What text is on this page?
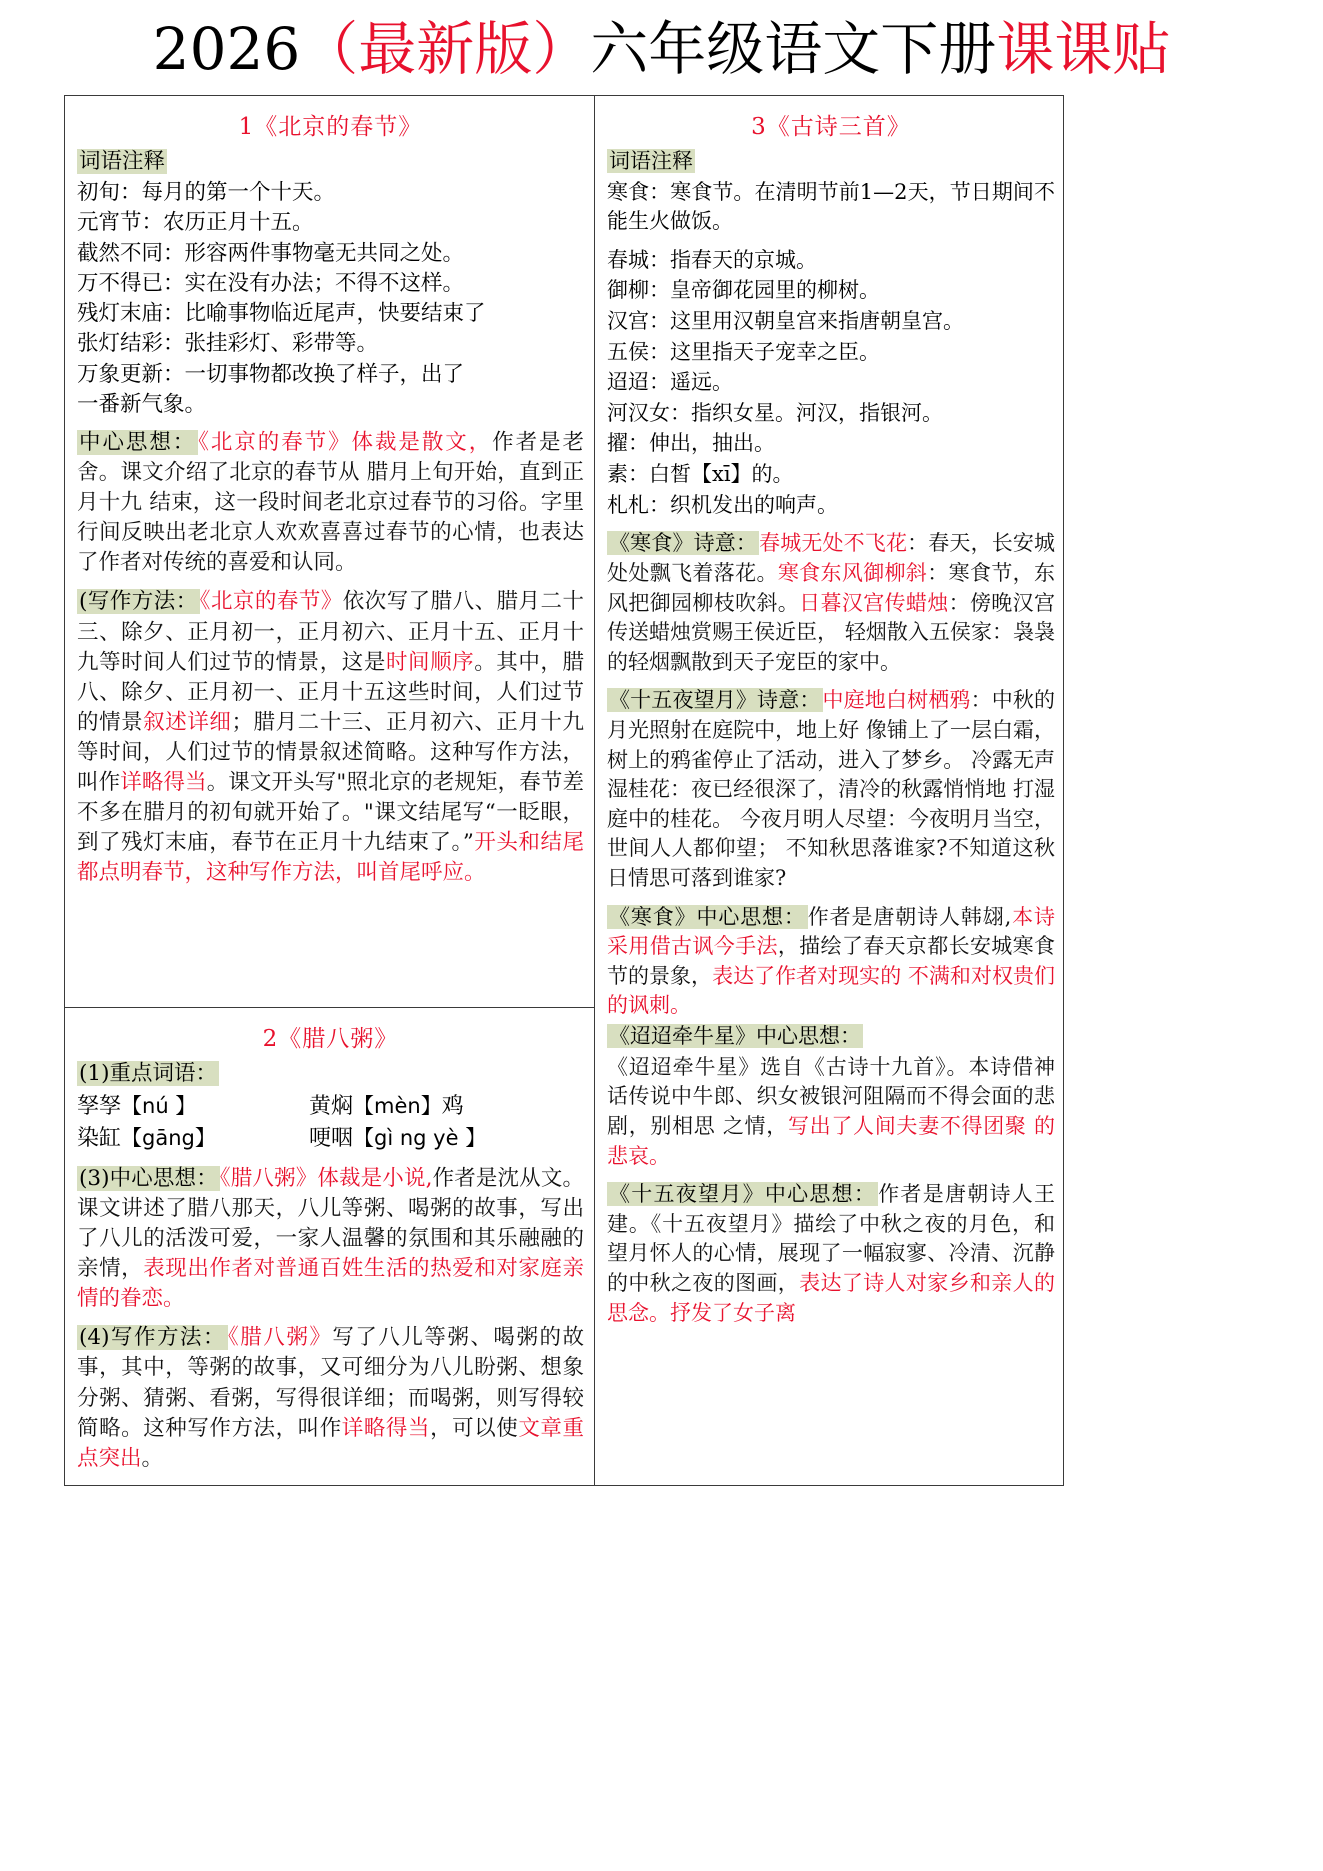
2026（最新版）六年级语文下册课课贴
1《北京的春节》

词语注释

初旬：每月的第一个十天。

元宵节：农历正月十五。

截然不同：形容两件事物毫无共同之处。

万不得已：实在没有办法；不得不这样。

残灯末庙：比喻事物临近尾声，快要结束了

张灯结彩：张挂彩灯、彩带等。

万象更新：一切事物都改换了样子，出了

一番新气象。

中心思想：《北京的春节》体裁是散文，作者是老舍。课文介绍了北京的春节从 腊月上旬开始，直到正月十九 结束，这一段时间老北京过春节的习俗。字里行间反映出老北京人欢欢喜喜过春节的心情，也表达了作者对传统的喜爱和认同。

(写作方法：《北京的春节》依次写了腊八、腊月二十三、除夕、正月初一，正月初六、正月十五、正月十九等时间人们过节的情景，这是时间顺序。其中，腊八、除夕、正月初一、正月十五这些时间，人们过节的情景叙述详细；腊月二十三、正月初六、正月十九等时间，人们过节的情景叙述简略。这种写作方法，叫作详略得当。课文开头写"照北京的老规矩，春节差不多在腊月的初旬就开始了。"课文结尾写“一眨眼，到了残灯末庙，春节在正月十九结束了。”开头和结尾都点明春节，这种写作方法，叫首尾呼应。

2《腊八粥》

(1)重点词语：

孥孥【nú 】	黄焖【mèn】鸡
染缸【gāng】	哽咽【gì ng yè 】

(3)中心思想：《腊八粥》体裁是小说,作者是沈从文。课文讲述了腊八那天，八儿等粥、喝粥的故事，写出了八儿的活泼可爱，一家人温馨的氛围和其乐融融的亲情，表现出作者对普通百姓生活的热爱和对家庭亲情的眷恋。

(4)写作方法：《腊八粥》写了八儿等粥、喝粥的故事，其中，等粥的故事，又可细分为八儿盼粥、想象分粥、猜粥、看粥，写得很详细；而喝粥，则写得较简略。这种写作方法，叫作详略得当，可以使文章重点突出。

3《古诗三首》

词语注释

寒食：寒食节。在清明节前1—2天，节日期间不能生火做饭。

春城：指春天的京城。

御柳：皇帝御花园里的柳树。

汉宫：这里用汉朝皇宫来指唐朝皇宫。

五侯：这里指天子宠幸之臣。

迢迢：遥远。

河汉女：指织女星。河汉，指银河。

擢：伸出，抽出。

素：白皙【xī】的。

札札：织机发出的响声。

《寒食》诗意：春城无处不飞花：春天，长安城处处飘飞着落花。寒食东风御柳斜：寒食节，东风把御园柳枝吹斜。日暮汉宫传蜡烛：傍晚汉宫传送蜡烛赏赐王侯近臣， 轻烟散入五侯家：袅袅的轻烟飘散到天子宠臣的家中。

《十五夜望月》诗意：中庭地白树栖鸦：中秋的月光照射在庭院中，地上好 像铺上了一层白霜，树上的鸦雀停止了活动，进入了梦乡。 冷露无声湿桂花：夜已经很深了，清冷的秋露悄悄地 打湿庭中的桂花。 今夜月明人尽望：今夜明月当空，世间人人都仰望； 不知秋思落谁家?不知道这秋日情思可落到谁家?

《寒食》中心思想：作者是唐朝诗人韩翃,本诗采用借古讽今手法，描绘了春天京都长安城寒食节的景象，表达了作者对现实的 不满和对权贵们的讽刺。

《迢迢牵牛星》中心思想：

《迢迢牵牛星》选自《古诗十九首》。本诗借神话传说中牛郎、织女被银河阻隔而不得会面的悲剧，别相思 之情，写出了人间夫妻不得团聚 的悲哀。

《十五夜望月》中心思想：作者是唐朝诗人王建。《十五夜望月》描绘了中秋之夜的月色，和望月怀人的心情，展现了一幅寂寥、冷清、沉静 的中秋之夜的图画，表达了诗人对家乡和亲人的思念。抒发了女子离
